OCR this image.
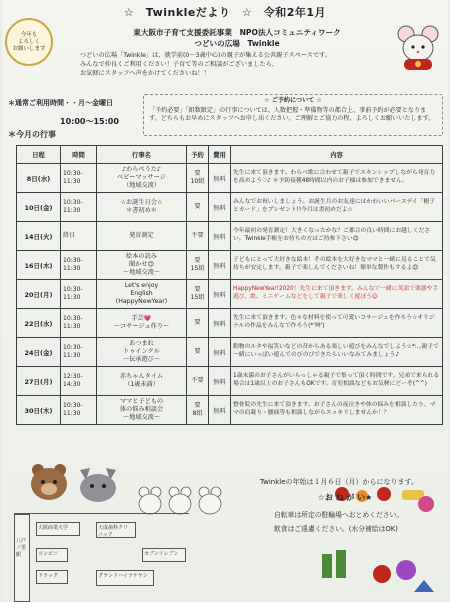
☆　Twinkleだより　☆　令和2年1月
今年も
よろしく
お願いします
東大阪市子育て支援委託事業　NPO法人コミュニティワーク
つどいの広場　Twinkle
つどいの広場「Twinkle」は、就学前(0～3歳中心)の親子が集える公共親子スペースです。
みんなで仲良くご利用ください！子育て等のご相談がございましたら、
お気軽にスタッフへ声をかけてくださいね！！
＊通常ご利用時間・・月～金曜日
10:00～15:00
☆ ご予約について ☆
「予約必要」「組数限定」の行事については、人数把握・準備物等の都合上、事前予約が必要となります。どちらもお早めにスタッフへお申し出ください。ご理解とご協力の程、よろしくお願いいたします。
＊今月の行事
日程	時間	行事名	予約	費用	内容
8日(水)	10:30-
11:30	♪わらべうた♪
ベビーマッサージ
（地域交流）	要
10組	無料	先生に来て頂きます。わらべ歌に合わせて親子でスキンシップしながら発育力を高めよう♡♪ ＊予防接種48時間以内のお子様は参加できません。
10日(金)	10:30-
11:30	☆お誕生日会☆
＊書初め＊	要	無料	みんなでお祝いしましょう。お誕生月のお友達にはかわいいバースデイ「帽子とカード」をプレゼント!!今月は書初めだよ☆
14日(火)	終日	発育測定	不要	無料	今年最初の発育測定！大きくなったかな？ご都合の良い時間にお越しください。Twinkle手帳をお持ちの方はご持参下さい😊
16日(木)	10:30-
11:30	絵本の読み
聞かせ😊
～地域交流～	要
15組	無料	子どもにとって大好きな絵本！その絵本を大好きなママと一緒に見ることで気持ちが安定します。親子で楽しんでくださいね！簡単な製作もするよ😊
20日(月)	10:30-
11:30	Let's enjoy
English
(HappyNewYear)	要
15組	無料	HappyNewYear!2020！先生に来て頂きます。みんなで一緒に英語で楽器や手遊び、歌、ミニゲームなどをして親子で楽しく遊ぼう☺
22日(水)	10:30-
11:30	手芸💗
～コサージュ作り～	要	無料	先生に来て頂きます。色々な材料を使って可愛いコサージュを作ろう☆オリジナルの作品をみんなで作ろう(*'艸')
24日(金)	10:30-
11:30	あつまれ
トゥインクル
～伝承遊び～	要	無料	動物のルタや福笑いなどの昔からある楽しい遊びをみんなでしよう☆*:.｡親子で一緒にいっぱい遊んでのびのびできたらいいなみてみましょう♪
27日(月)	12:30-
14:30	赤ちゃんタイム
（1歳未満）	不要	無料	1歳未満のお子さんがいらっしゃる親子で集って頂く時間です。兄弟で来られる場合は1歳以上のお子さんもOKです。育児相談などもお気軽にどーぞ(^^)
30日(木)	10:30-
11:30	ママと子どもの
体の悩み相談会
～地域交流～	要
8組	無料	整骨院の先生に来て頂きます。お子さんの夜泣きや体の悩みを相談したり、ママの肩凝り・腰痛等も相談しながらスッキリしませんか！？
Twinkleの年始は１月６日（月）からになります。
☆お ね が い★
自転車は所定の駐輪場へおとめください。
飲食はご遠慮ください。(水分補給はOK)
八戸ノ里駅
大阪商業大学	大成歯科クリニック
コンビニ
グランドハイツケヤン
ドラッグ
セブンイレブン
